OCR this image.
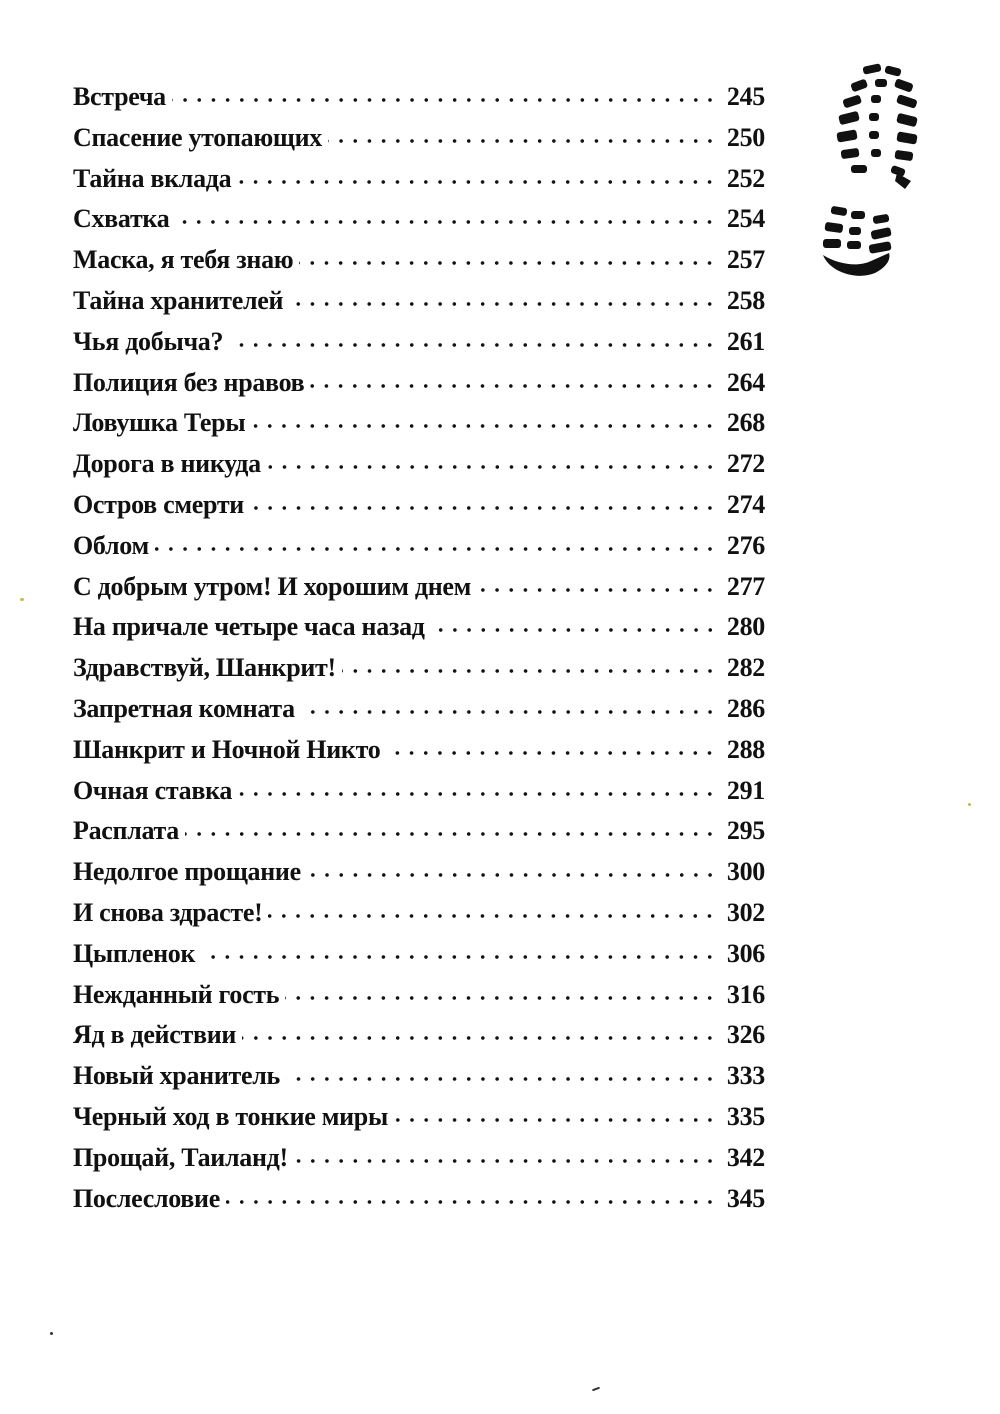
Встреча	245
Спасение утопающих	250
Тайна вклада	252
Схватка	254
Маска, я тебя знаю	257
Тайна хранителей	258
Чья добыча?	261
Полиция без нравов	264
Ловушка Теры	268
Дорога в никуда	272
Остров смерти	274
Облом	276
С добрым утром! И хорошим днем	277
На причале четыре часа назад	280
Здравствуй, Шанкрит!	282
Запретная комната	286
Шанкрит и Ночной Никто	288
Очная ставка	291
Расплата	295
Недолгое прощание	300
И снова здрасте!	302
Цыпленок	306
Нежданный гость	316
Яд в действии	326
Новый хранитель	333
Черный ход в тонкие миры	335
Прощай, Таиланд!	342
Послесловие	345
